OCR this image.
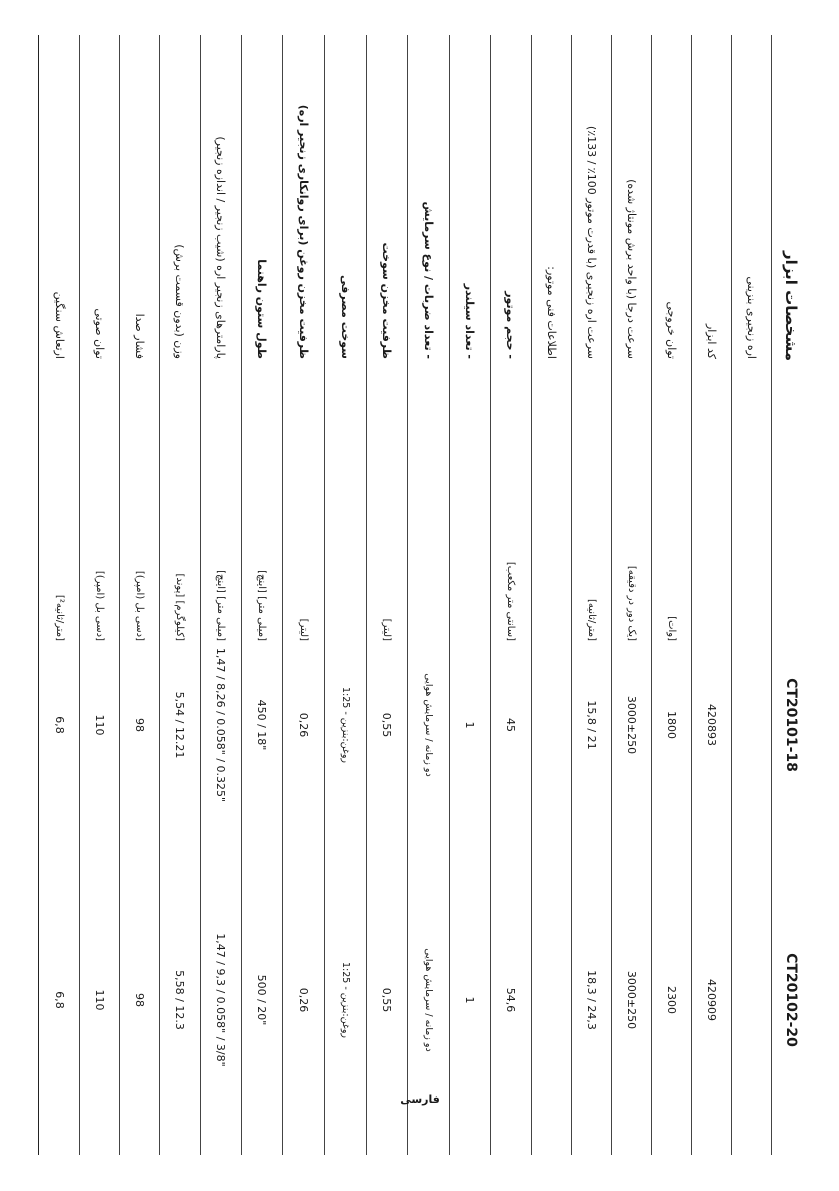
مشخصات ابزار
CT20101-18
CT20102-20
اره زنجیری بنزینی
کد ابزار
420893
420909
توان خروجی
[وات]
1800
2300
سرعت درجا (با واحد برش مونتاژ شده)
[یک دور در دقیقه]
3000±250
3000±250
سرعت اره زنجیری (با قدرت موتور 100٪ / 133٪)
[متر/ثانیه]
15,8 / 21
18,3 / 24,3
اطلاعات فنی موتور:
- حجم موتور
[سانتی متر مکعب]
45
54,6
- تعداد سیلندر
1
1
- تعداد ضربات / نوع سرمایش
دو زمانه / سرمایش هوایی
دو زمانه / سرمایش هوایی
ظرفیت مخزن سوخت
[لیتر]
0,55
0,55
سوخت مصرفی
روغن:بنزین - 1:25
روغن:بنزین - 1:25
ظرفیت مخزن روغن (برای روانکاری زنجیر اره)
[لیتر]
0,26
0,26
طول ستون راهنما
[میلی متر] [اینچ]
450 / 18"
500 / 20"
پارامترهای زنجیر اره (شیب زنجیر / اندازه زنجیر)
[میلی متر] [اینچ]
1,47 / 8,26 / 0.058" / 0.325"
1,47 / 9,3 / 0.058" / 3/8"
وزن (بدون قسمت برش)
[کیلوگرم] [پوند]
5,54 / 12.21
5,58 / 12.3
فشار صدا
[دسی بل (امپر)]
98
98
توان صوتی
[دسی بل (امپر)]
110
110
ارتعاش سنگین
[متر/ثانیه²]
6,8
6,8
فارسی
